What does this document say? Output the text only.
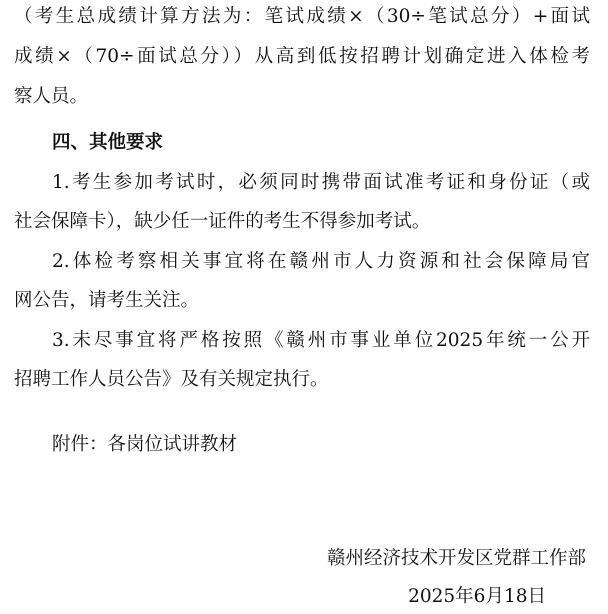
（考生总成绩计算方法为：笔试成绩×（30÷笔试总分）+面试
成绩×（70÷面试总分））从高到低按招聘计划确定进入体检考
察人员。
四、其他要求
1.考生参加考试时，必须同时携带面试准考证和身份证（或
社会保障卡），缺少任一证件的考生不得参加考试。
2.体检考察相关事宜将在赣州市人力资源和社会保障局官
网公告，请考生关注。
3.未尽事宜将严格按照《赣州市事业单位2025年统一公开
招聘工作人员公告》及有关规定执行。
附件：各岗位试讲教材
赣州经济技术开发区党群工作部
2025年6月18日
